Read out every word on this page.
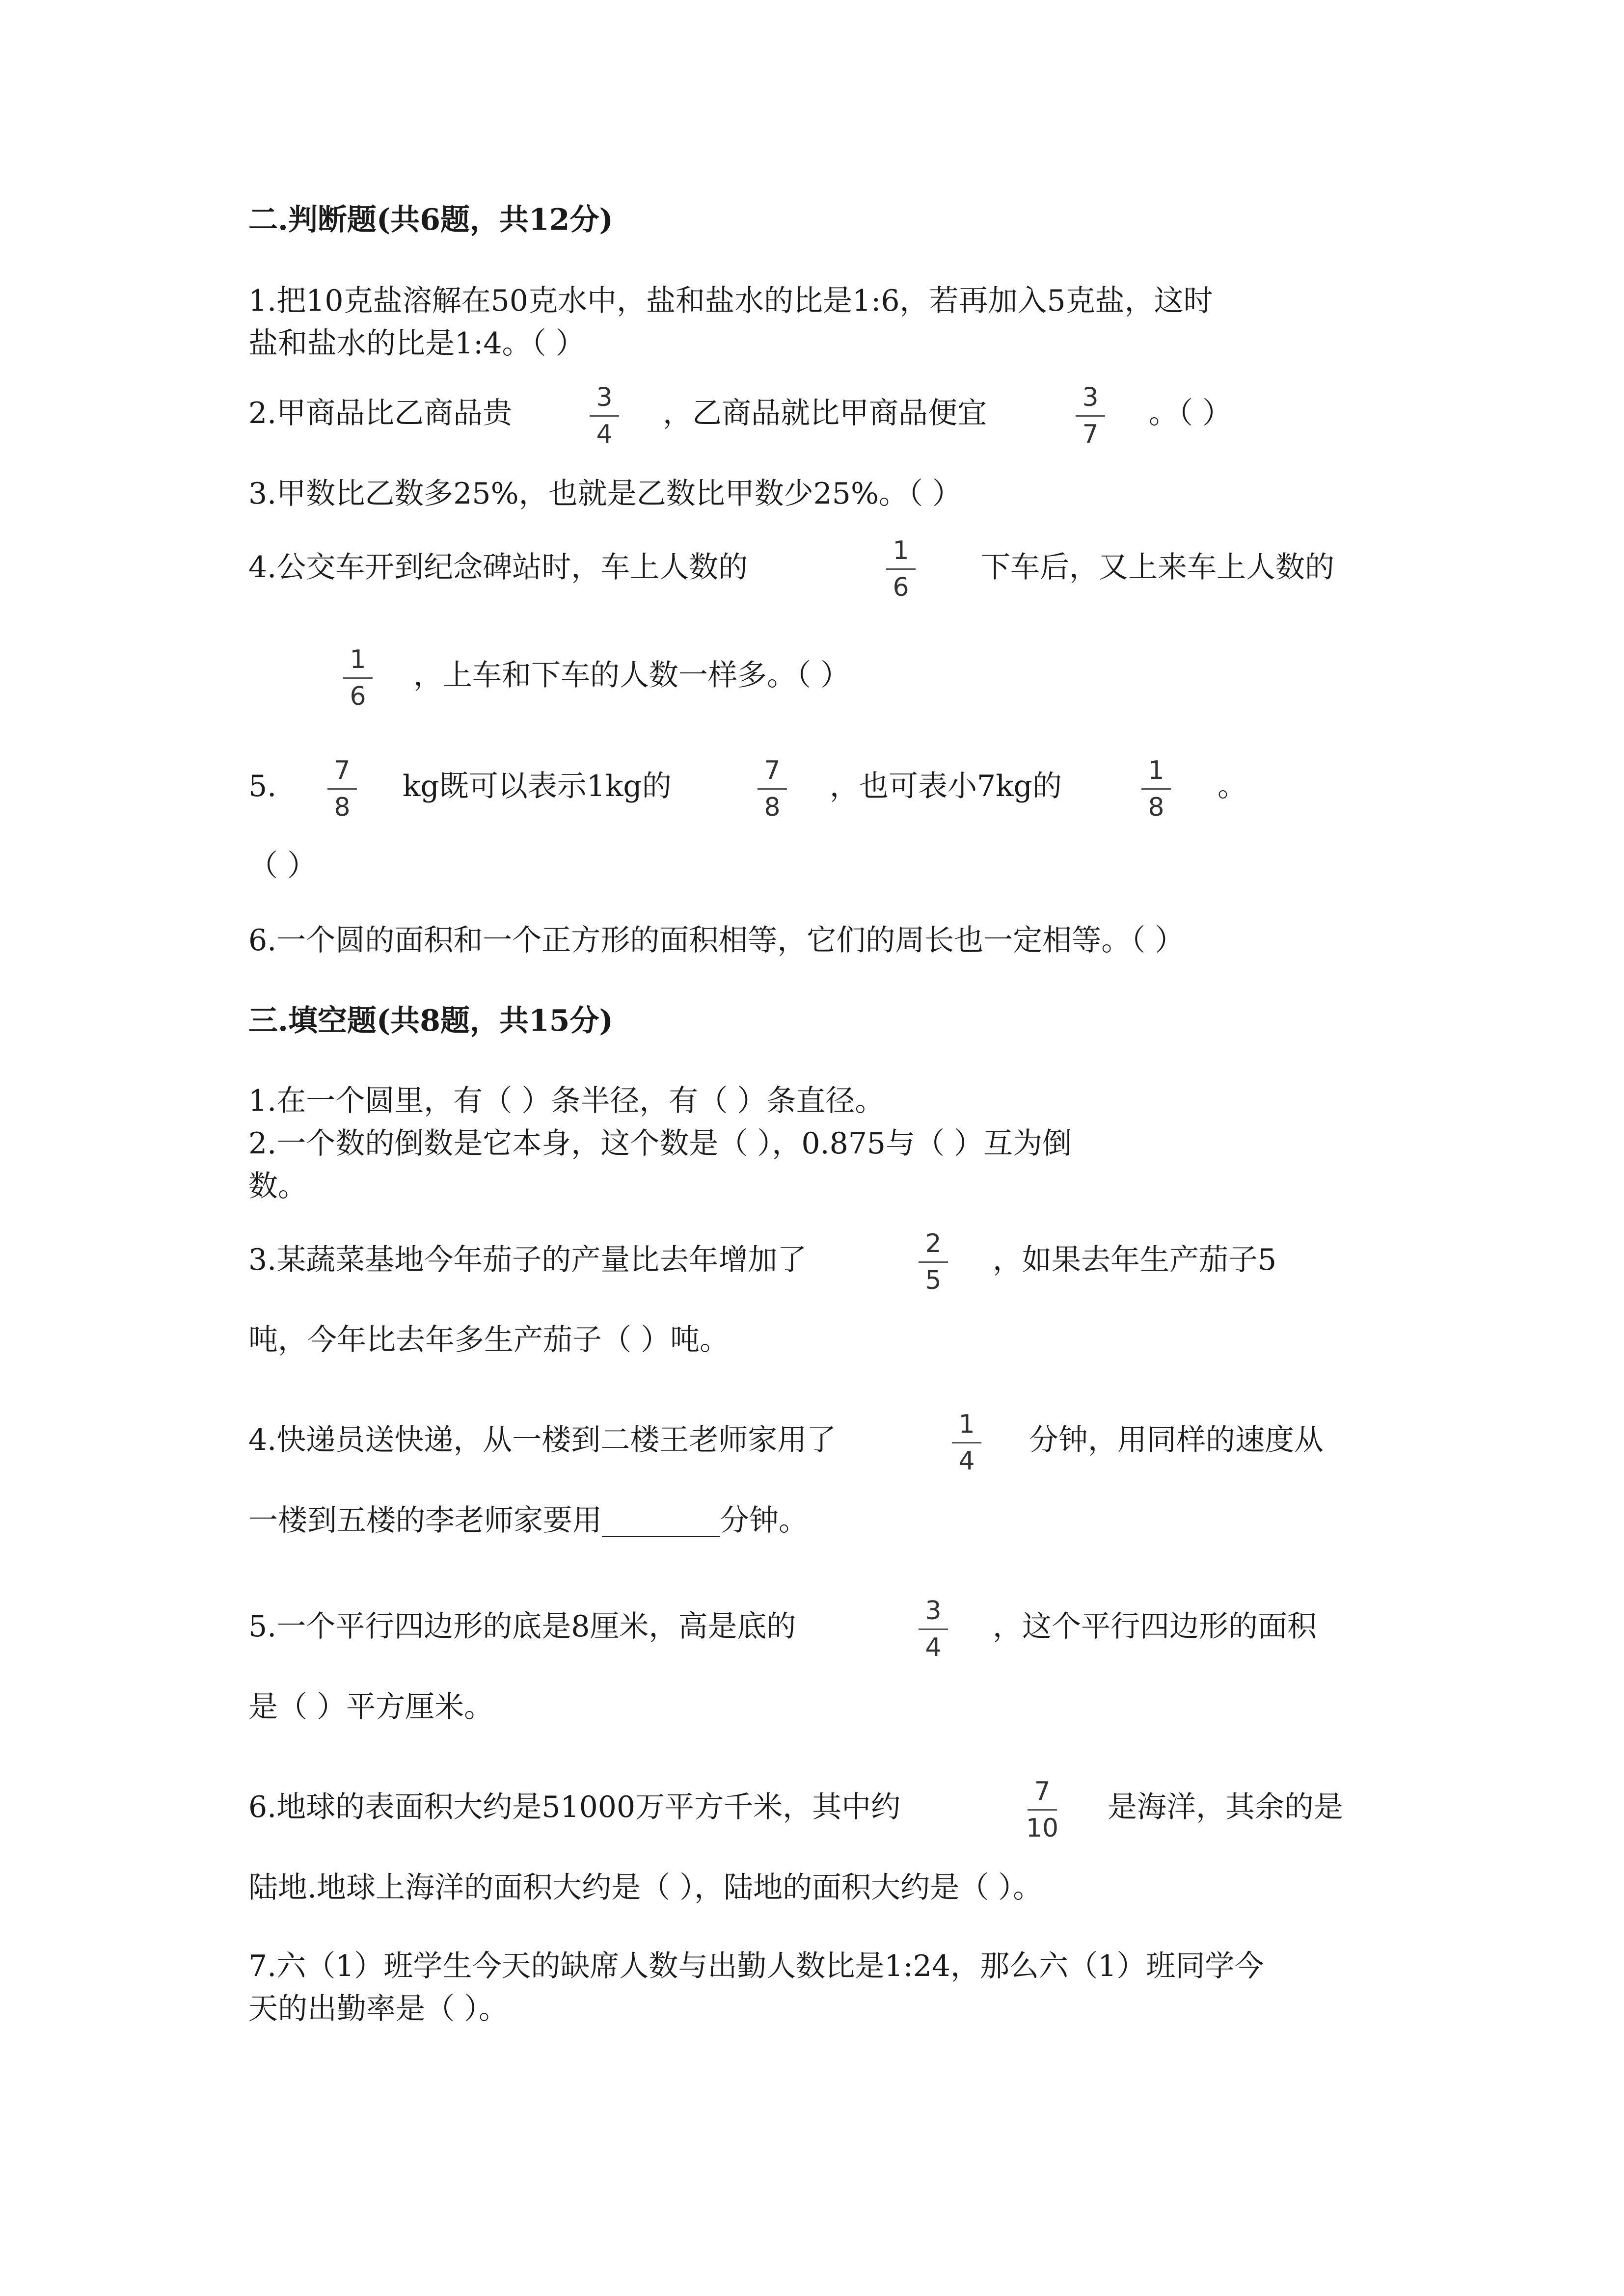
二.判断题(共6题，共12分)
1.把10克盐溶解在50克水中，盐和盐水的比是1:6，若再加入5克盐，这时
盐和盐水的比是1:4。（ ）
2.甲商品比乙商品贵	3
4
，乙商品就比甲商品便宜	3
7
。（ ）
3.甲数比乙数多25%，也就是乙数比甲数少25%。（ ）
4.公交车开到纪念碑站时，车上人数的	1
6
下车后，又上来车上人数的
1
6
，上车和下车的人数一样多。（ ）
5.	7
8
kg既可以表示1kg的	7
8
，也可表小7kg的	1
8
。
（ ）
6.一个圆的面积和一个正方形的面积相等，它们的周长也一定相等。（ ）
三.填空题(共8题，共15分)
1.在一个圆里，有（ ）条半径，有（ ）条直径。
2.一个数的倒数是它本身，这个数是（ ），0.875与（ ）互为倒
数。
3.某蔬菜基地今年茄子的产量比去年增加了	2
5
，如果去年生产茄子5
吨，今年比去年多生产茄子（ ）吨。
4.快递员送快递，从一楼到二楼王老师家用了	1
4
分钟，用同样的速度从
一楼到五楼的李老师家要用________分钟。
5.一个平行四边形的底是8厘米，高是底的	3
4
，这个平行四边形的面积
是（ ）平方厘米。
6.地球的表面积大约是51000万平方千米，其中约	7
10
是海洋，其余的是
陆地.地球上海洋的面积大约是（ ），陆地的面积大约是（ ）。
7.六（1）班学生今天的缺席人数与出勤人数比是1:24，那么六（1）班同学今
天的出勤率是（ ）。
